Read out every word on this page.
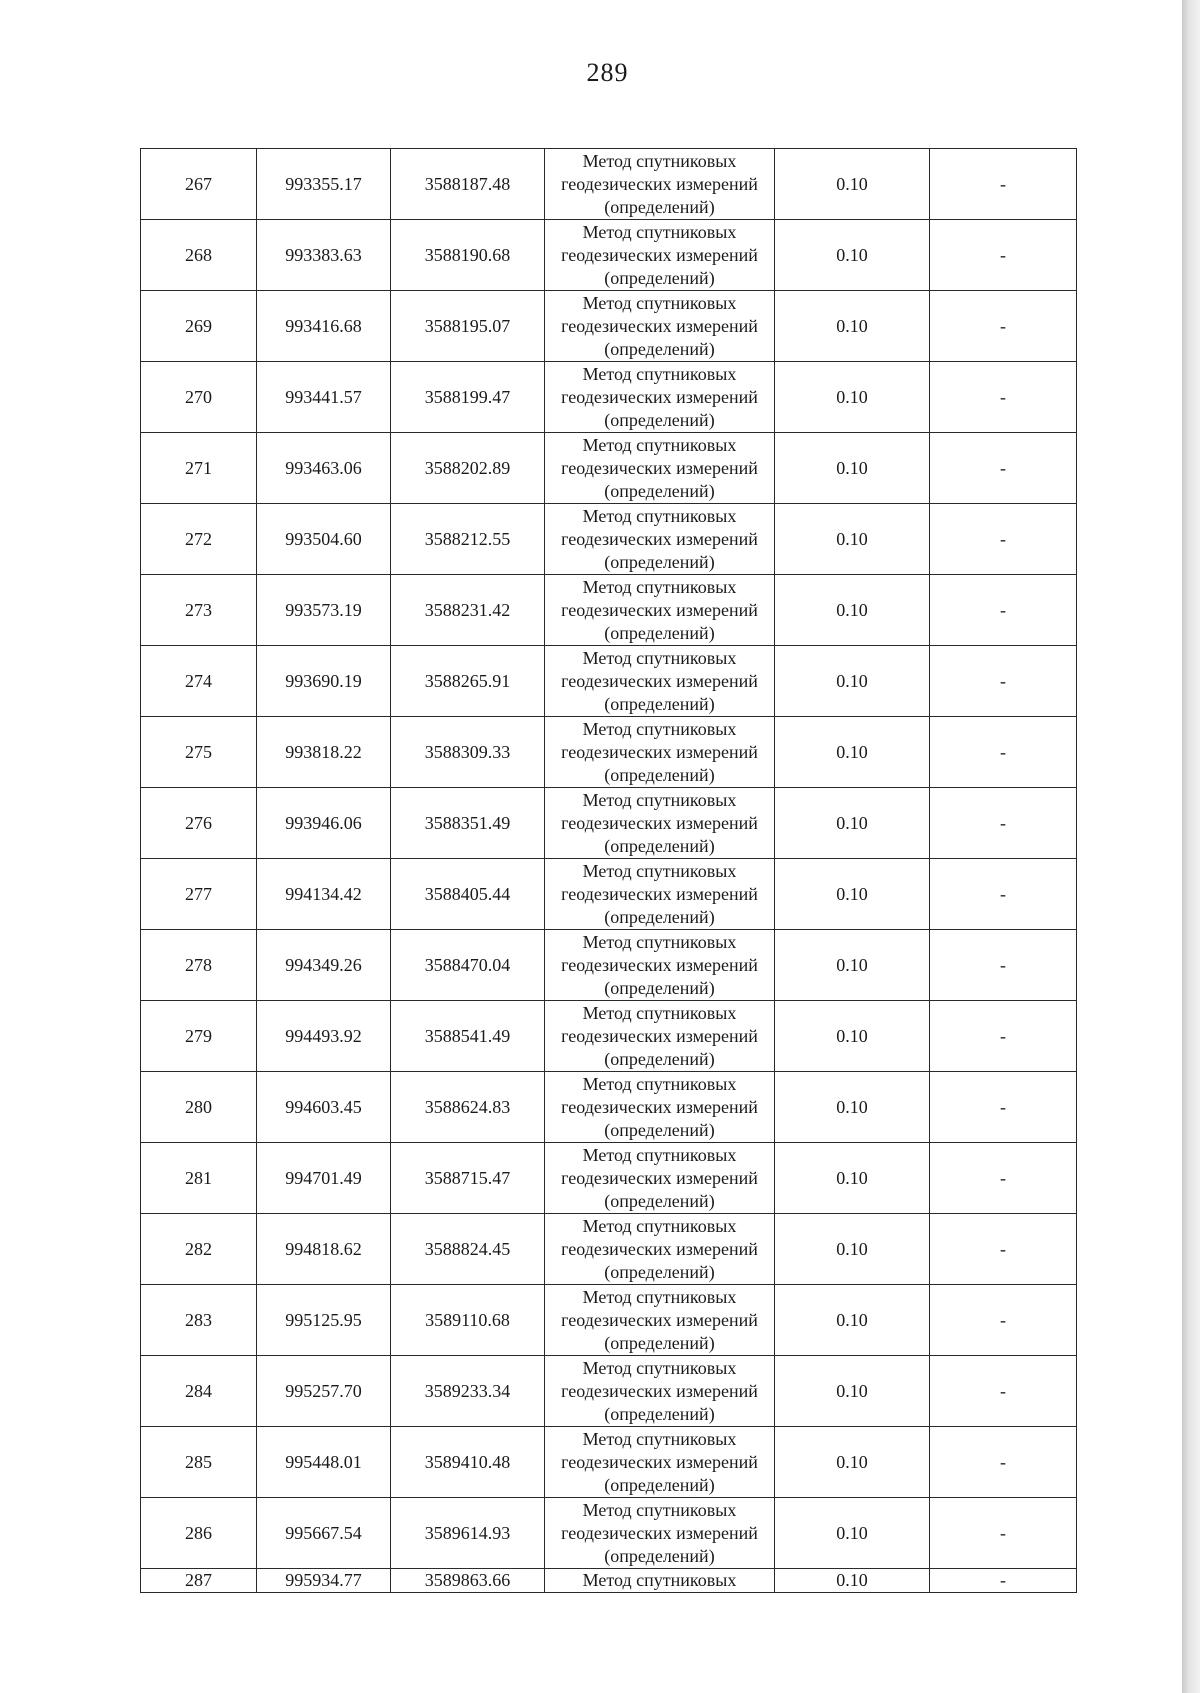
289
267	993355.17	3588187.48	Метод спутниковых геодезических измерений (определений)	0.10	-
268	993383.63	3588190.68	Метод спутниковых геодезических измерений (определений)	0.10	-
269	993416.68	3588195.07	Метод спутниковых геодезических измерений (определений)	0.10	-
270	993441.57	3588199.47	Метод спутниковых геодезических измерений (определений)	0.10	-
271	993463.06	3588202.89	Метод спутниковых геодезических измерений (определений)	0.10	-
272	993504.60	3588212.55	Метод спутниковых геодезических измерений (определений)	0.10	-
273	993573.19	3588231.42	Метод спутниковых геодезических измерений (определений)	0.10	-
274	993690.19	3588265.91	Метод спутниковых геодезических измерений (определений)	0.10	-
275	993818.22	3588309.33	Метод спутниковых геодезических измерений (определений)	0.10	-
276	993946.06	3588351.49	Метод спутниковых геодезических измерений (определений)	0.10	-
277	994134.42	3588405.44	Метод спутниковых геодезических измерений (определений)	0.10	-
278	994349.26	3588470.04	Метод спутниковых геодезических измерений (определений)	0.10	-
279	994493.92	3588541.49	Метод спутниковых геодезических измерений (определений)	0.10	-
280	994603.45	3588624.83	Метод спутниковых геодезических измерений (определений)	0.10	-
281	994701.49	3588715.47	Метод спутниковых геодезических измерений (определений)	0.10	-
282	994818.62	3588824.45	Метод спутниковых геодезических измерений (определений)	0.10	-
283	995125.95	3589110.68	Метод спутниковых геодезических измерений (определений)	0.10	-
284	995257.70	3589233.34	Метод спутниковых геодезических измерений (определений)	0.10	-
285	995448.01	3589410.48	Метод спутниковых геодезических измерений (определений)	0.10	-
286	995667.54	3589614.93	Метод спутниковых геодезических измерений (определений)	0.10	-
287	995934.77	3589863.66	Метод спутниковых	0.10	-
